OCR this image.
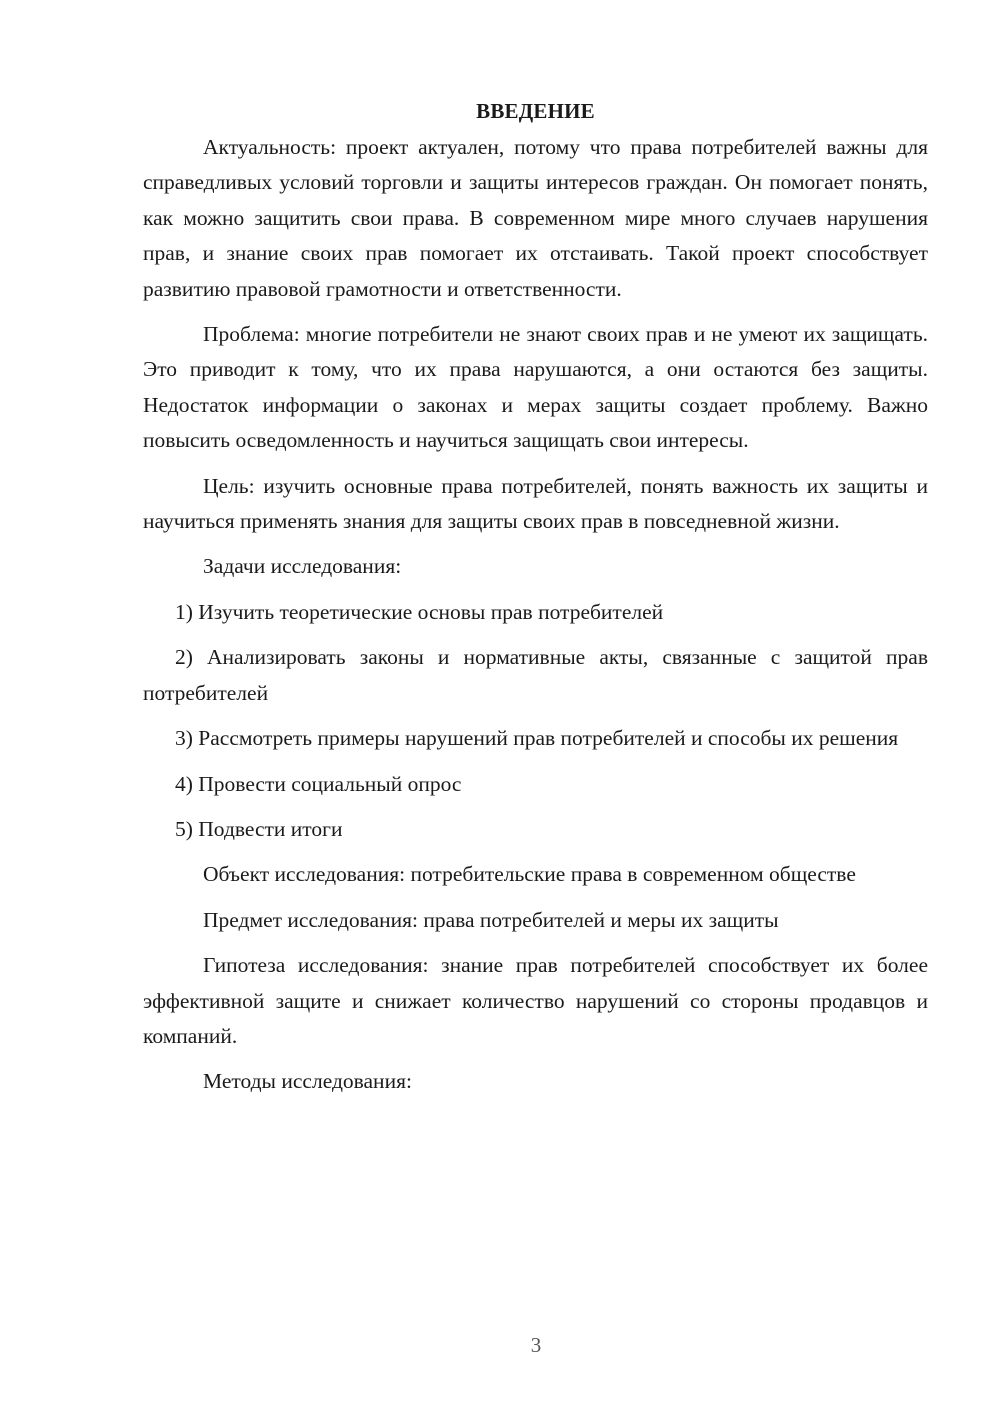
ВВЕДЕНИЕ

Актуальность: проект актуален, потому что права потребителей важны для справедливых условий торговли и защиты интересов граждан. Он помогает понять, как можно защитить свои права. В современном мире много случаев нарушения прав, и знание своих прав помогает их отстаивать. Такой проект способствует развитию правовой грамотности и ответственности.

Проблема: многие потребители не знают своих прав и не умеют их защищать. Это приводит к тому, что их права нарушаются, а они остаются без защиты. Недостаток информации о законах и мерах защиты создает проблему. Важно повысить осведомленность и научиться защищать свои интересы.

Цель: изучить основные права потребителей, понять важность их защиты и научиться применять знания для защиты своих прав в повседневной жизни.

Задачи исследования:

1) Изучить теоретические основы прав потребителей

2) Анализировать законы и нормативные акты, связанные с защитой прав потребителей

3) Рассмотреть примеры нарушений прав потребителей и способы их решения

4) Провести социальный опрос

5) Подвести итоги

Объект исследования: потребительские права в современном обществе

Предмет исследования: права потребителей и меры их защиты

Гипотеза исследования: знание прав потребителей способствует их более эффективной защите и снижает количество нарушений со стороны продавцов и компаний.

Методы исследования:

3
